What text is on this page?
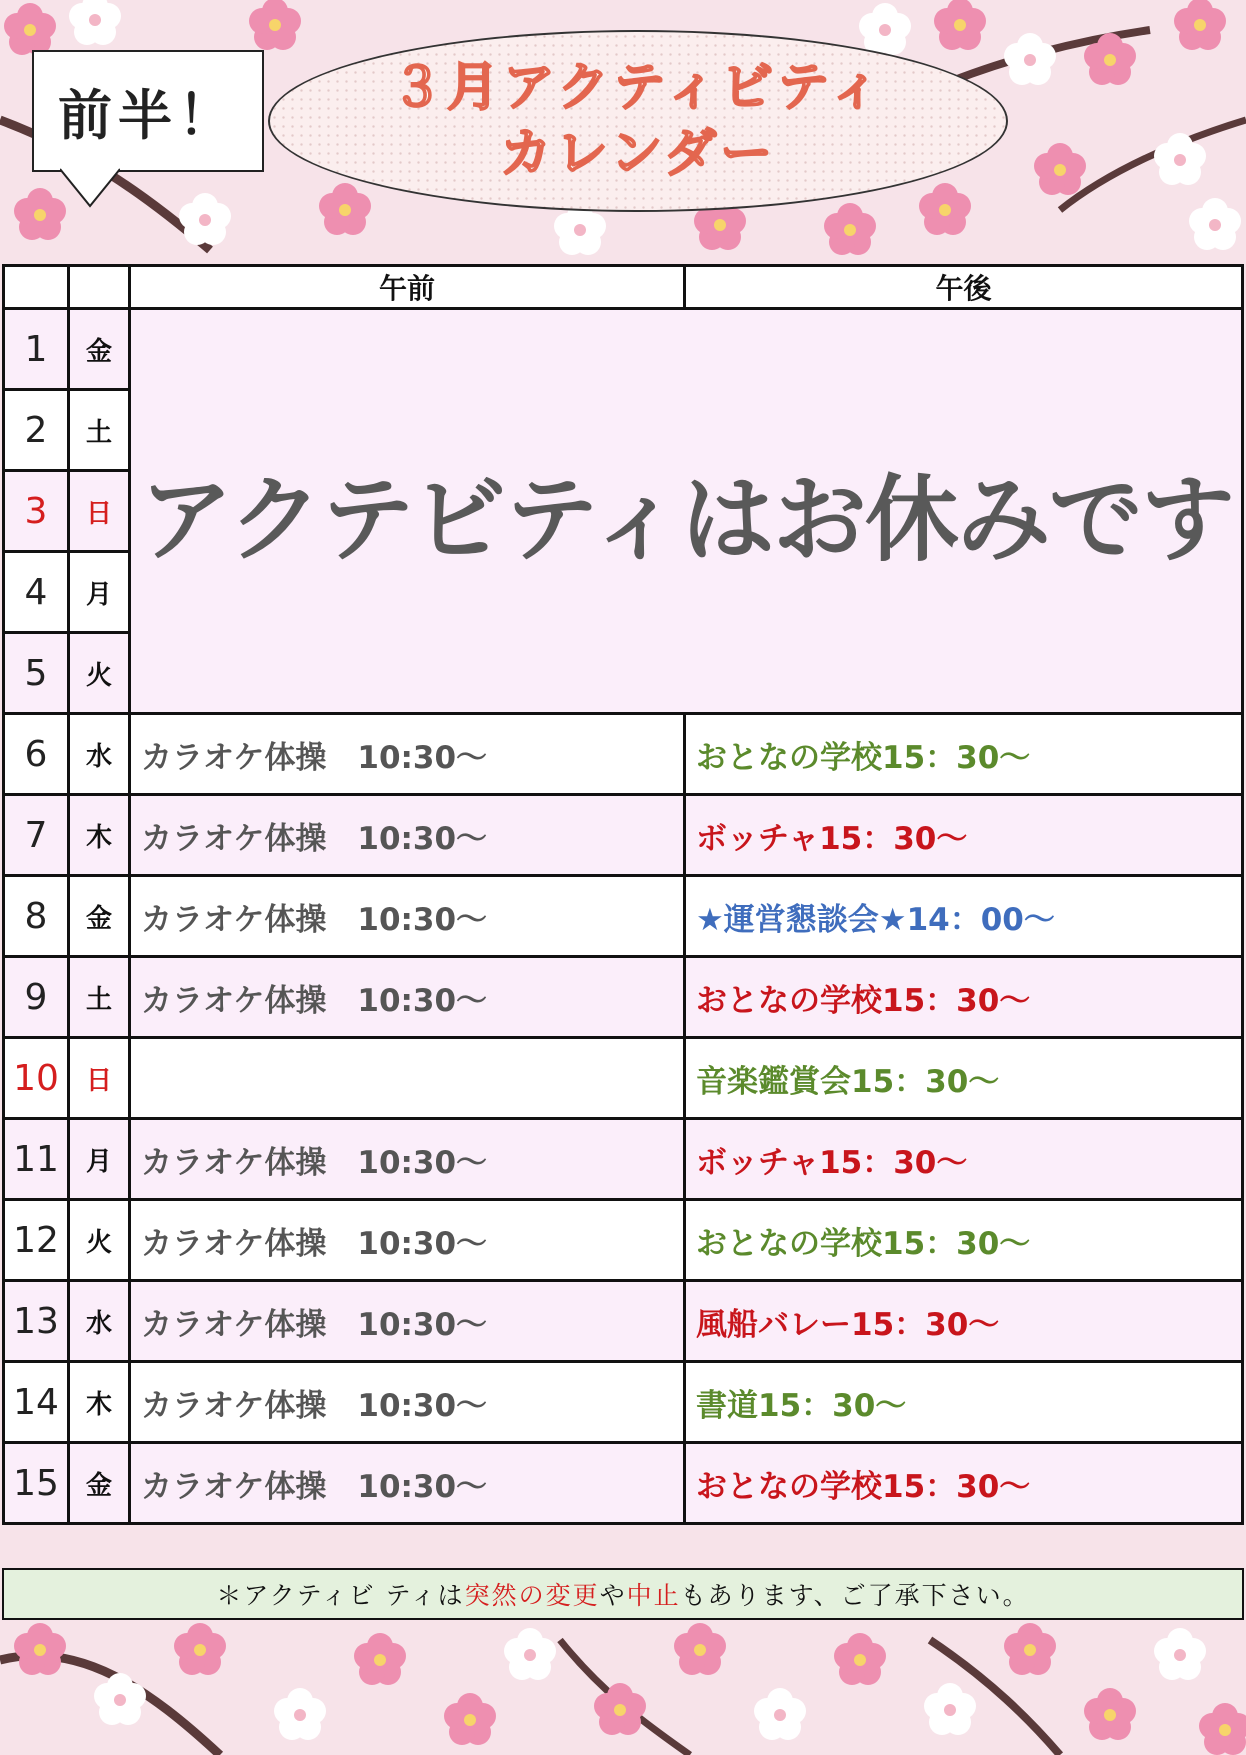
前半！	３月アクティビティ
カレンダー
		午前	午後
1	金	アクテビティはお休みです	
2	土		
3	日		
4	月		
5	火		
6	水	カラオケ体操　10:30～	おとなの学校15：30～
7	木	カラオケ体操　10:30～	ボッチャ15：30～
8	金	カラオケ体操　10:30～	★運営懇談会★14：00～
9	土	カラオケ体操　10:30～	おとなの学校15：30～
10	日		音楽鑑賞会15：30～
11	月	カラオケ体操　10:30～	ボッチャ15：30～
12	火	カラオケ体操　10:30～	おとなの学校15：30～
13	水	カラオケ体操　10:30～	風船バレー15：30～
14	木	カラオケ体操　10:30～	書道15：30～
15	金	カラオケ体操　10:30～	おとなの学校15：30～
＊アクティビ ティは 突然の変更 や 中止 もあります、ご了承下さい。
